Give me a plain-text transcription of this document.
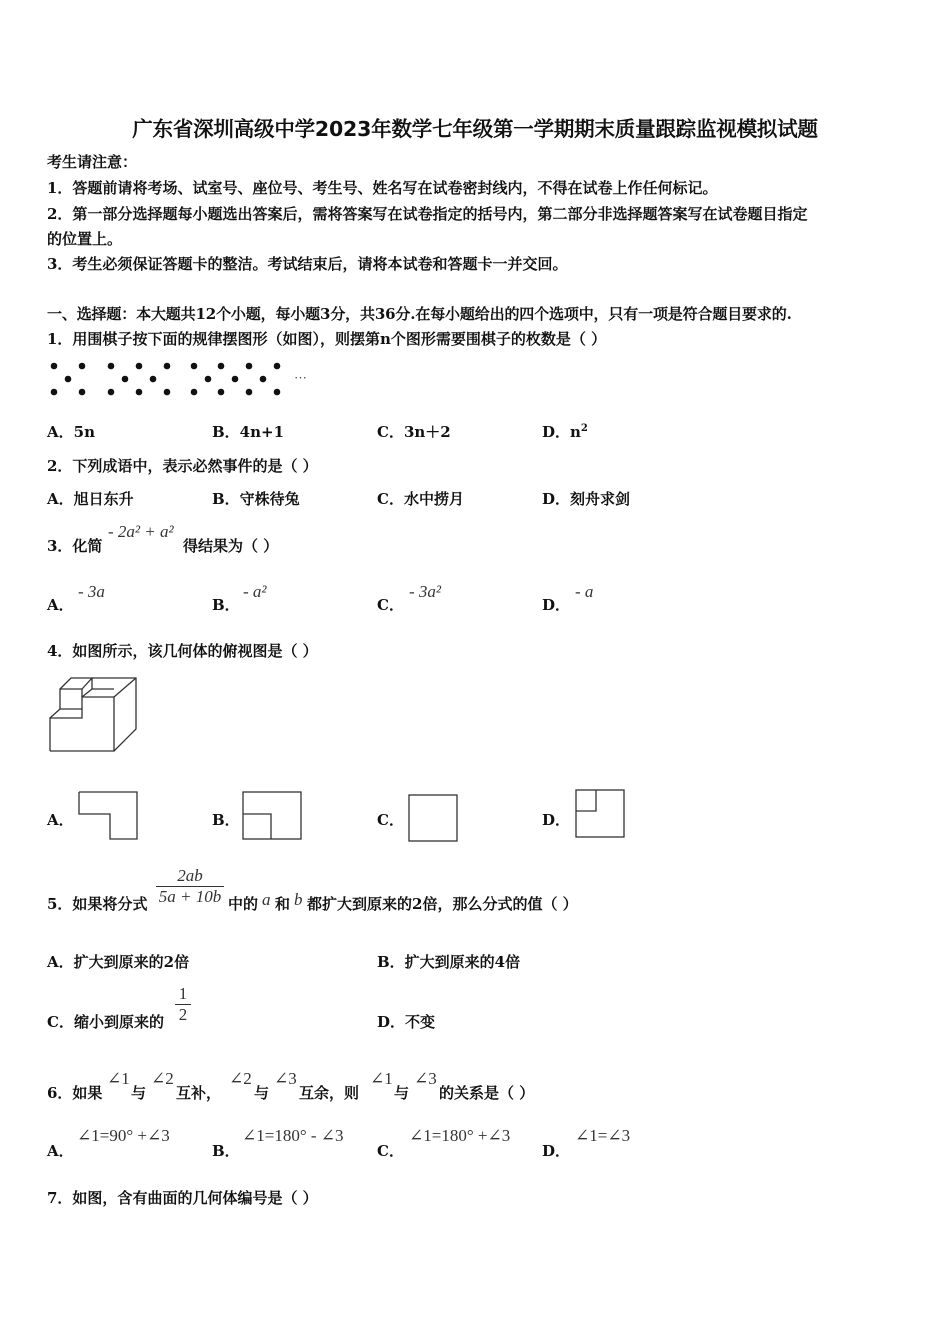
广东省深圳高级中学2023年数学七年级第一学期期末质量跟踪监视模拟试题
考生请注意：
1．答题前请将考场、试室号、座位号、考生号、姓名写在试卷密封线内，不得在试卷上作任何标记。
2．第一部分选择题每小题选出答案后，需将答案写在试卷指定的括号内，第二部分非选择题答案写在试卷题目指定
的位置上。
3．考生必须保证答题卡的整洁。考试结束后，请将本试卷和答题卡一并交回。
一、选择题：本大题共12个小题，每小题3分，共36分.在每小题给出的四个选项中，只有一项是符合题目要求的.
1．用围棋子按下面的规律摆图形（如图），则摆第n个图形需要围棋子的枚数是（ ）
···
A．5n	B．4n+1	C．3n＋2	D．$n^2$
2．下列成语中，表示必然事件的是（ ）
A．旭日东升	B．守株待兔	C．水中捞月	D．刻舟求剑
3．化简
- 2a² + a²
得结果为（ ）
A．
- 3a
B．
- a²
C．
- 3a²
D．
- a
4．如图所示，该几何体的俯视图是（ ）
A．	B．	C．	D．
5．如果将分式 $\frac{2ab}{5a + 10b}$ 中的 a 和 b 都扩大到原来的2倍，那么分式的值（ ）
A．扩大到原来的2倍	B．扩大到原来的4倍
C．缩小到原来的 $\frac{1}{2}$	D．不变
6．如果
∠1
与
∠2
互补，
∠2
与
∠3
互余，则
∠1
与
∠3
的关系是（ ）
A．
∠1=90° +∠3
B．
∠1=180° - ∠3
C．
∠1=180° +∠3
D．
∠1=∠3
7．如图，含有曲面的几何体编号是（ ）
